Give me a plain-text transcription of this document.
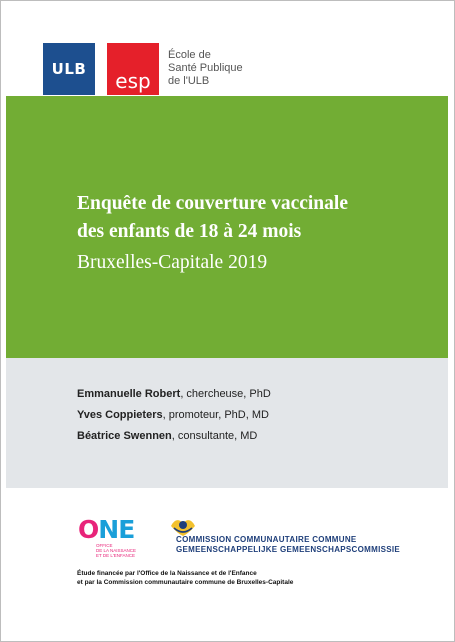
ULB esp
École de
Santé Publique
de l'ULB
Enquête de couverture vaccinale
des enfants de 18 à 24 mois
Bruxelles-Capitale 2019
Emmanuelle Robert, chercheuse, PhD
Yves Coppieters, promoteur, PhD, MD
Béatrice Swennen, consultante, MD
ONE
OFFICE
DE LA NAISSANCE
ET DE L'ENFANCE
COMMISSION COMMUNAUTAIRE COMMUNE
GEMEENSCHAPPELIJKE GEMEENSCHAPSCOMMISSIE
Étude financée par l'Office de la Naissance et de l'Enfance
et par la Commission communautaire commune de Bruxelles-Capitale
